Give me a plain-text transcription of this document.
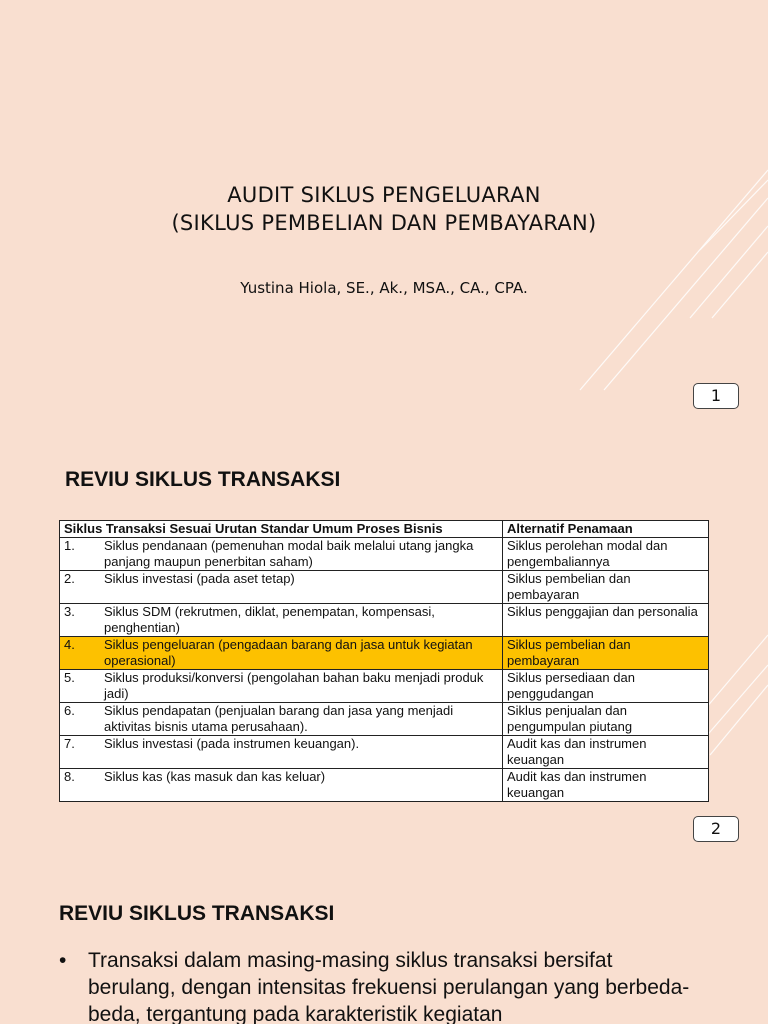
AUDIT SIKLUS PENGELUARAN
(SIKLUS PEMBELIAN DAN PEMBAYARAN)
Yustina Hiola, SE., Ak., MSA., CA., CPA.
1
REVIU SIKLUS TRANSAKSI
Siklus Transaksi Sesuai Urutan Standar Umum Proses Bisnis	Alternatif Penamaan
1. Siklus pendanaan (pemenuhan modal baik melalui utang jangka panjang maupun penerbitan saham)	Siklus perolehan modal dan pengembaliannya
2. Siklus investasi (pada aset tetap)	Siklus pembelian dan pembayaran
3. Siklus SDM (rekrutmen, diklat, penempatan, kompensasi, penghentian)	Siklus penggajian dan personalia
4. Siklus pengeluaran (pengadaan barang dan jasa untuk kegiatan operasional)	Siklus pembelian dan pembayaran
5. Siklus produksi/konversi (pengolahan bahan baku menjadi produk jadi)	Siklus persediaan dan penggudangan
6. Siklus pendapatan (penjualan barang dan jasa yang menjadi aktivitas bisnis utama perusahaan).	Siklus penjualan dan pengumpulan piutang
7. Siklus investasi (pada instrumen keuangan).	Audit kas dan instrumen keuangan
8. Siklus kas (kas masuk dan kas keluar)	Audit kas dan instrumen keuangan
2
REVIU SIKLUS TRANSAKSI
• Transaksi dalam masing-masing siklus transaksi bersifat berulang, dengan intensitas frekuensi perulangan yang berbeda-beda, tergantung pada karakteristik kegiatan
